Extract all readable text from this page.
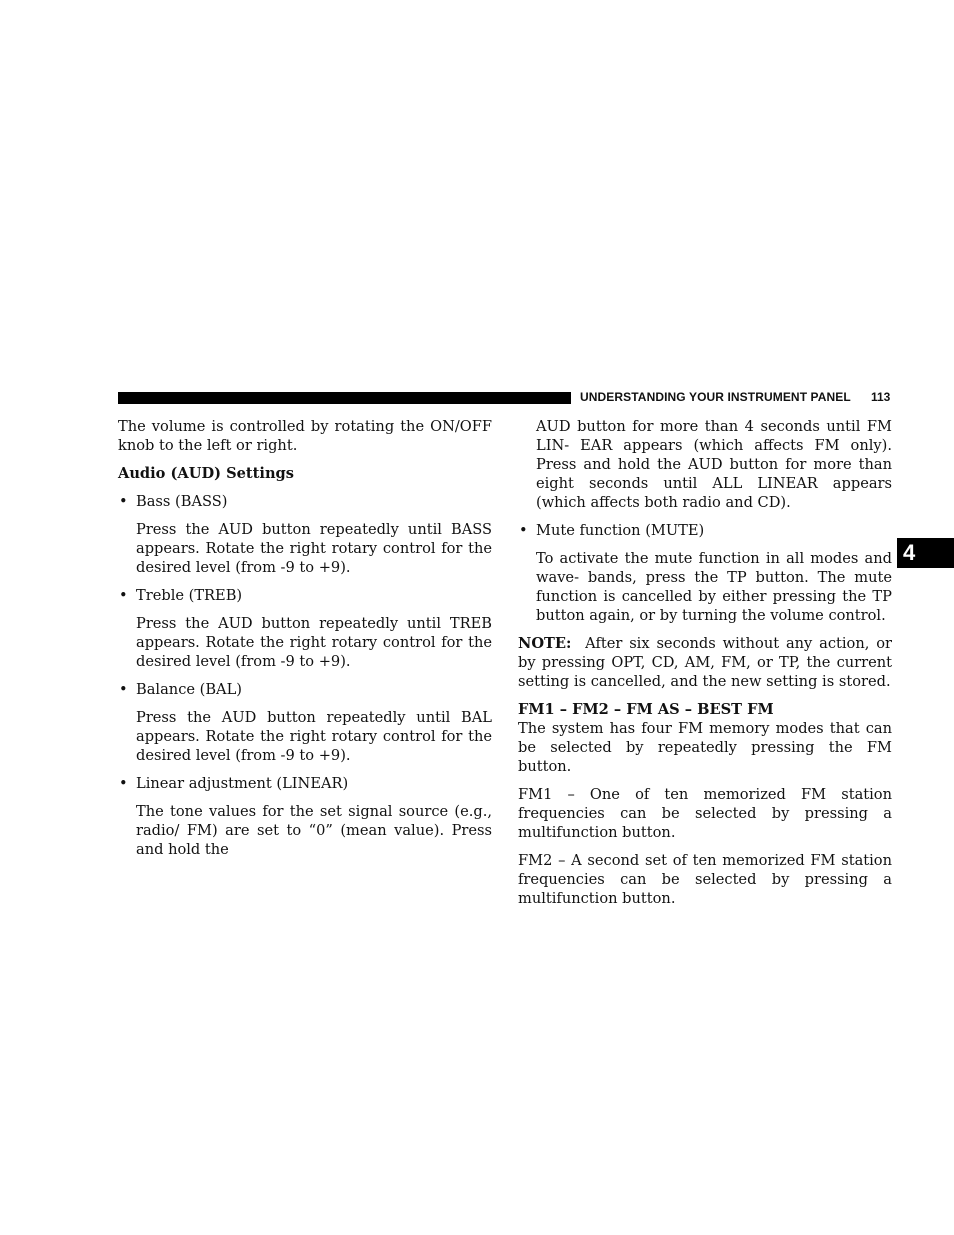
UNDERSTANDING YOUR INSTRUMENT PANEL 113
4

The volume is controlled by rotating the ON/OFF knob to the left or right.

Audio (AUD) Settings

• Bass (BASS)

Press the AUD button repeatedly until BASS appears. Rotate the right rotary control for the desired level (from -9 to +9).

• Treble (TREB)

Press the AUD button repeatedly until TREB appears. Rotate the right rotary control for the desired level (from -9 to +9).

• Balance (BAL)

Press the AUD button repeatedly until BAL appears. Rotate the right rotary control for the desired level (from -9 to +9).

• Linear adjustment (LINEAR)

The tone values for the set signal source (e.g., radio/ FM) are set to “0” (mean value). Press and hold the

AUD button for more than 4 seconds until FM LIN- EAR appears (which affects FM only). Press and hold the AUD button for more than eight seconds until ALL LINEAR appears (which affects both radio and CD).

• Mute function (MUTE)

To activate the mute function in all modes and wave- bands, press the TP button. The mute function is cancelled by either pressing the TP button again, or by turning the volume control.

NOTE: After six seconds without any action, or by pressing OPT, CD, AM, FM, or TP, the current setting is cancelled, and the new setting is stored.

FM1 – FM2 – FM AS – BEST FM

The system has four FM memory modes that can be selected by repeatedly pressing the FM button.

FM1 – One of ten memorized FM station frequencies can be selected by pressing a multifunction button.

FM2 – A second set of ten memorized FM station frequencies can be selected by pressing a multifunction button.
